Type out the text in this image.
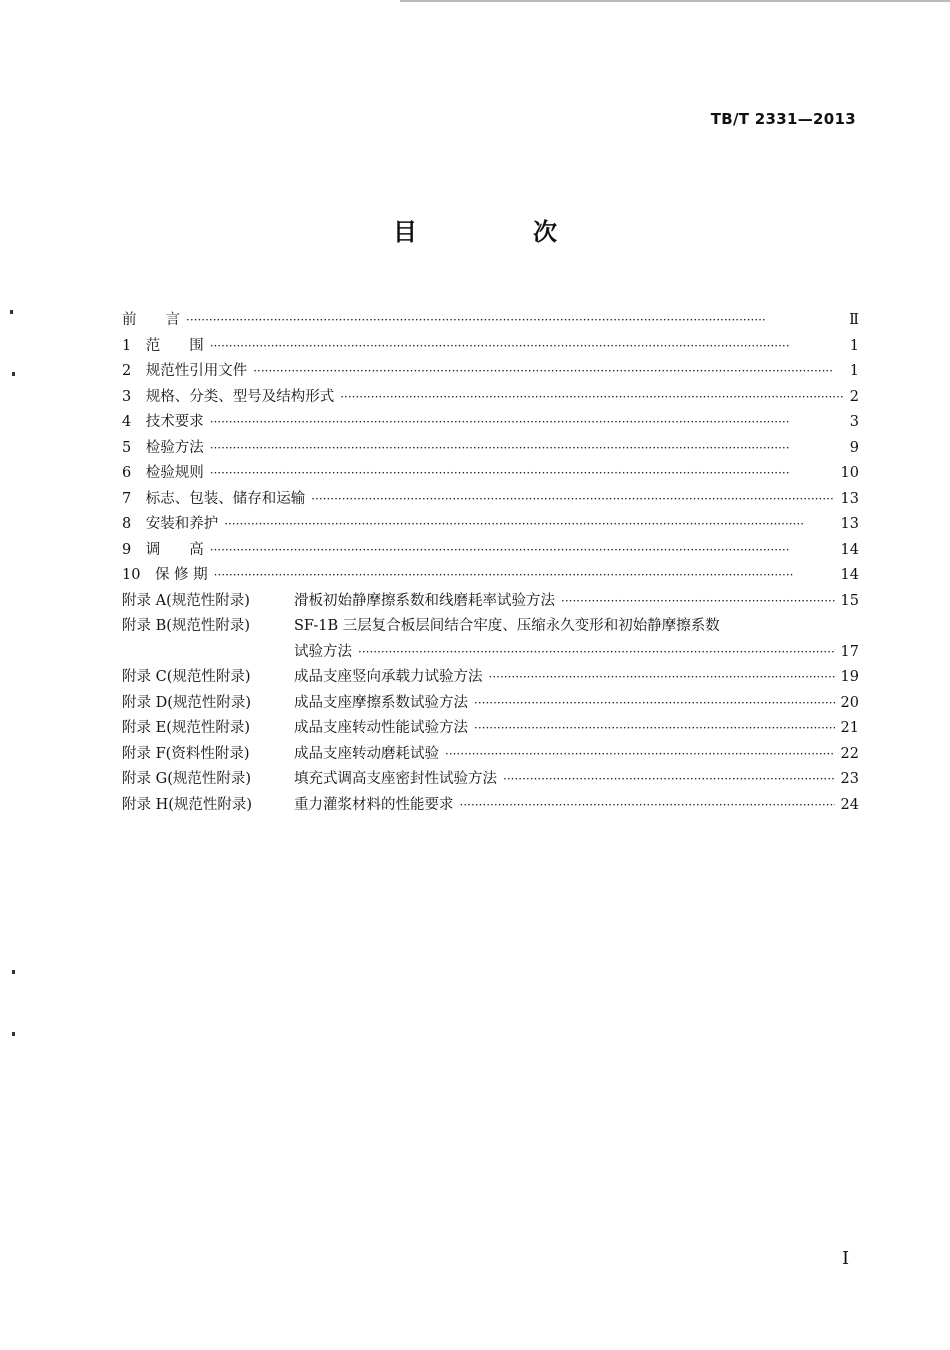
TB/T 2331—2013
目　次
前　　言 ·····	Ⅱ
1　范　　围 ·····	1
2　规范性引用文件 ·····	1
3　规格、分类、型号及结构形式 ·····	2
4　技术要求 ·····	3
5　检验方法 ·····	9
6　检验规则 ·····	10
7　标志、包装、储存和运输 ·····	13
8　安装和养护 ·····	13
9　调　　高 ·····	14
10　保 修 期 ·····	14
附录 A(规范性附录)	滑板初始静摩擦系数和线磨耗率试验方法 ·····	15
附录 B(规范性附录)	SF-1B 三层复合板层间结合牢度、压缩永久变形和初始静摩擦系数
试验方法 ·····	17
附录 C(规范性附录)	成品支座竖向承载力试验方法 ·····	19
附录 D(规范性附录)	成品支座摩擦系数试验方法 ·····	20
附录 E(规范性附录)	成品支座转动性能试验方法 ·····	21
附录 F(资料性附录)	成品支座转动磨耗试验 ·····	22
附录 G(规范性附录)	填充式调高支座密封性试验方法 ·····	23
附录 H(规范性附录)	重力灌浆材料的性能要求 ·····	24
I
